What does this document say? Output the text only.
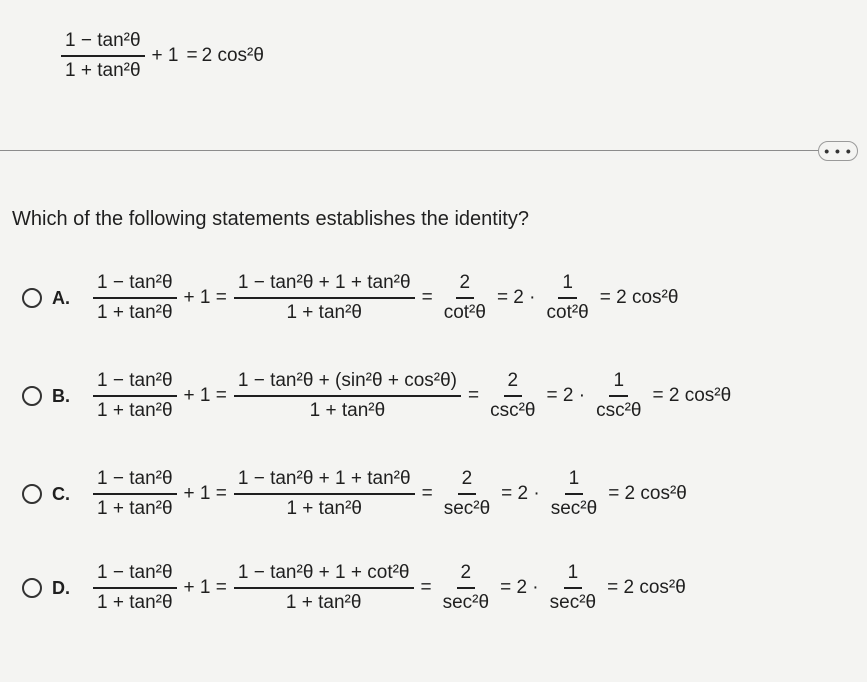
$\frac{\text{1 − tan²θ}}{\text{1 + tan²θ}} + 1 = 2$ cos²θ
• • •

Which of the following statements establishes the identity?

A. $\frac{\text{1 − tan²θ}}{\text{1 + tan²θ}} + 1 = \frac{\text{1 − tan²θ + 1 + tan²θ}}{\text{1 + tan²θ}} = \frac{2}{\text{cot²θ}} = 2 \cdot \frac{1}{\text{cot²θ}} = 2$ cos²θ
B. $\frac{\text{1 − tan²θ}}{\text{1 + tan²θ}} + 1 = \frac{\text{1 − tan²θ + (sin²θ + cos²θ)}}{\text{1 + tan²θ}} = \frac{2}{\text{csc²θ}} = 2 \cdot \frac{1}{\text{csc²θ}} = 2$ cos²θ
C. $\frac{\text{1 − tan²θ}}{\text{1 + tan²θ}} + 1 = \frac{\text{1 − tan²θ + 1 + tan²θ}}{\text{1 + tan²θ}} = \frac{2}{\text{sec²θ}} = 2 \cdot \frac{1}{\text{sec²θ}} = 2$ cos²θ
D. $\frac{\text{1 − tan²θ}}{\text{1 + tan²θ}} + 1 = \frac{\text{1 − tan²θ + 1 + cot²θ}}{\text{1 + tan²θ}} = \frac{2}{\text{sec²θ}} = 2 \cdot \frac{1}{\text{sec²θ}} = 2$ cos²θ
